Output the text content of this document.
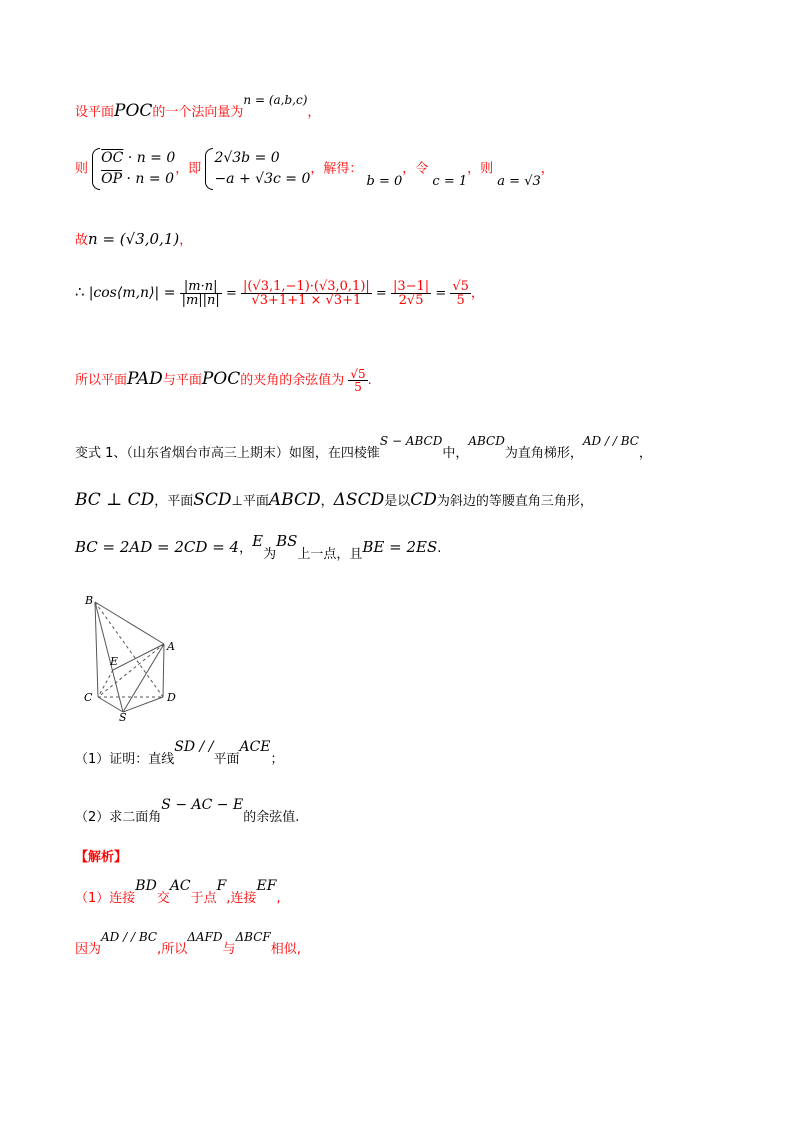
设平面POC的一个法向量为n = (a,b,c)，
则
$\overline{OC} \cdot n = 0$
$\overline{OP} \cdot n = 0$
，即
2√3b = 0
−a + √3c = 0
，解得： b = 0，令 c = 1，则 a = √3，
故n = (√3,0,1)，
∴ |cos⟨m,n⟩| = $\frac{|m\cdot n|}{|m||n|} = \frac{|(√3,1,-1)\cdot(√3,0,1)|}{√3+1+1 \times √3+1} = \frac{|3-1|}{2√5} = \frac{√5}{5}$ ，
所以平面PAD与平面POC的夹角的余弦值为 $\frac{√5}{5}$ .
变式 1、（山东省烟台市高三上期末）如图，在四棱锥S − ABCD中，ABCD为直角梯形，AD / / BC，
BC ⊥ CD，平面SCD⊥平面ABCD，ΔSCD是以CD为斜边的等腰直角三角形，
BC = 2AD = 2CD = 4，E为BS上一点，且BE = 2ES.
B
A
E
C	D
S
（1）证明：直线SD / /平面ACE；
（2）求二面角S − AC − E的余弦值.
【解析】
（1）连接BD交AC于点F,连接EF,
因为AD / / BC,所以ΔAFD与ΔBCF相似,
